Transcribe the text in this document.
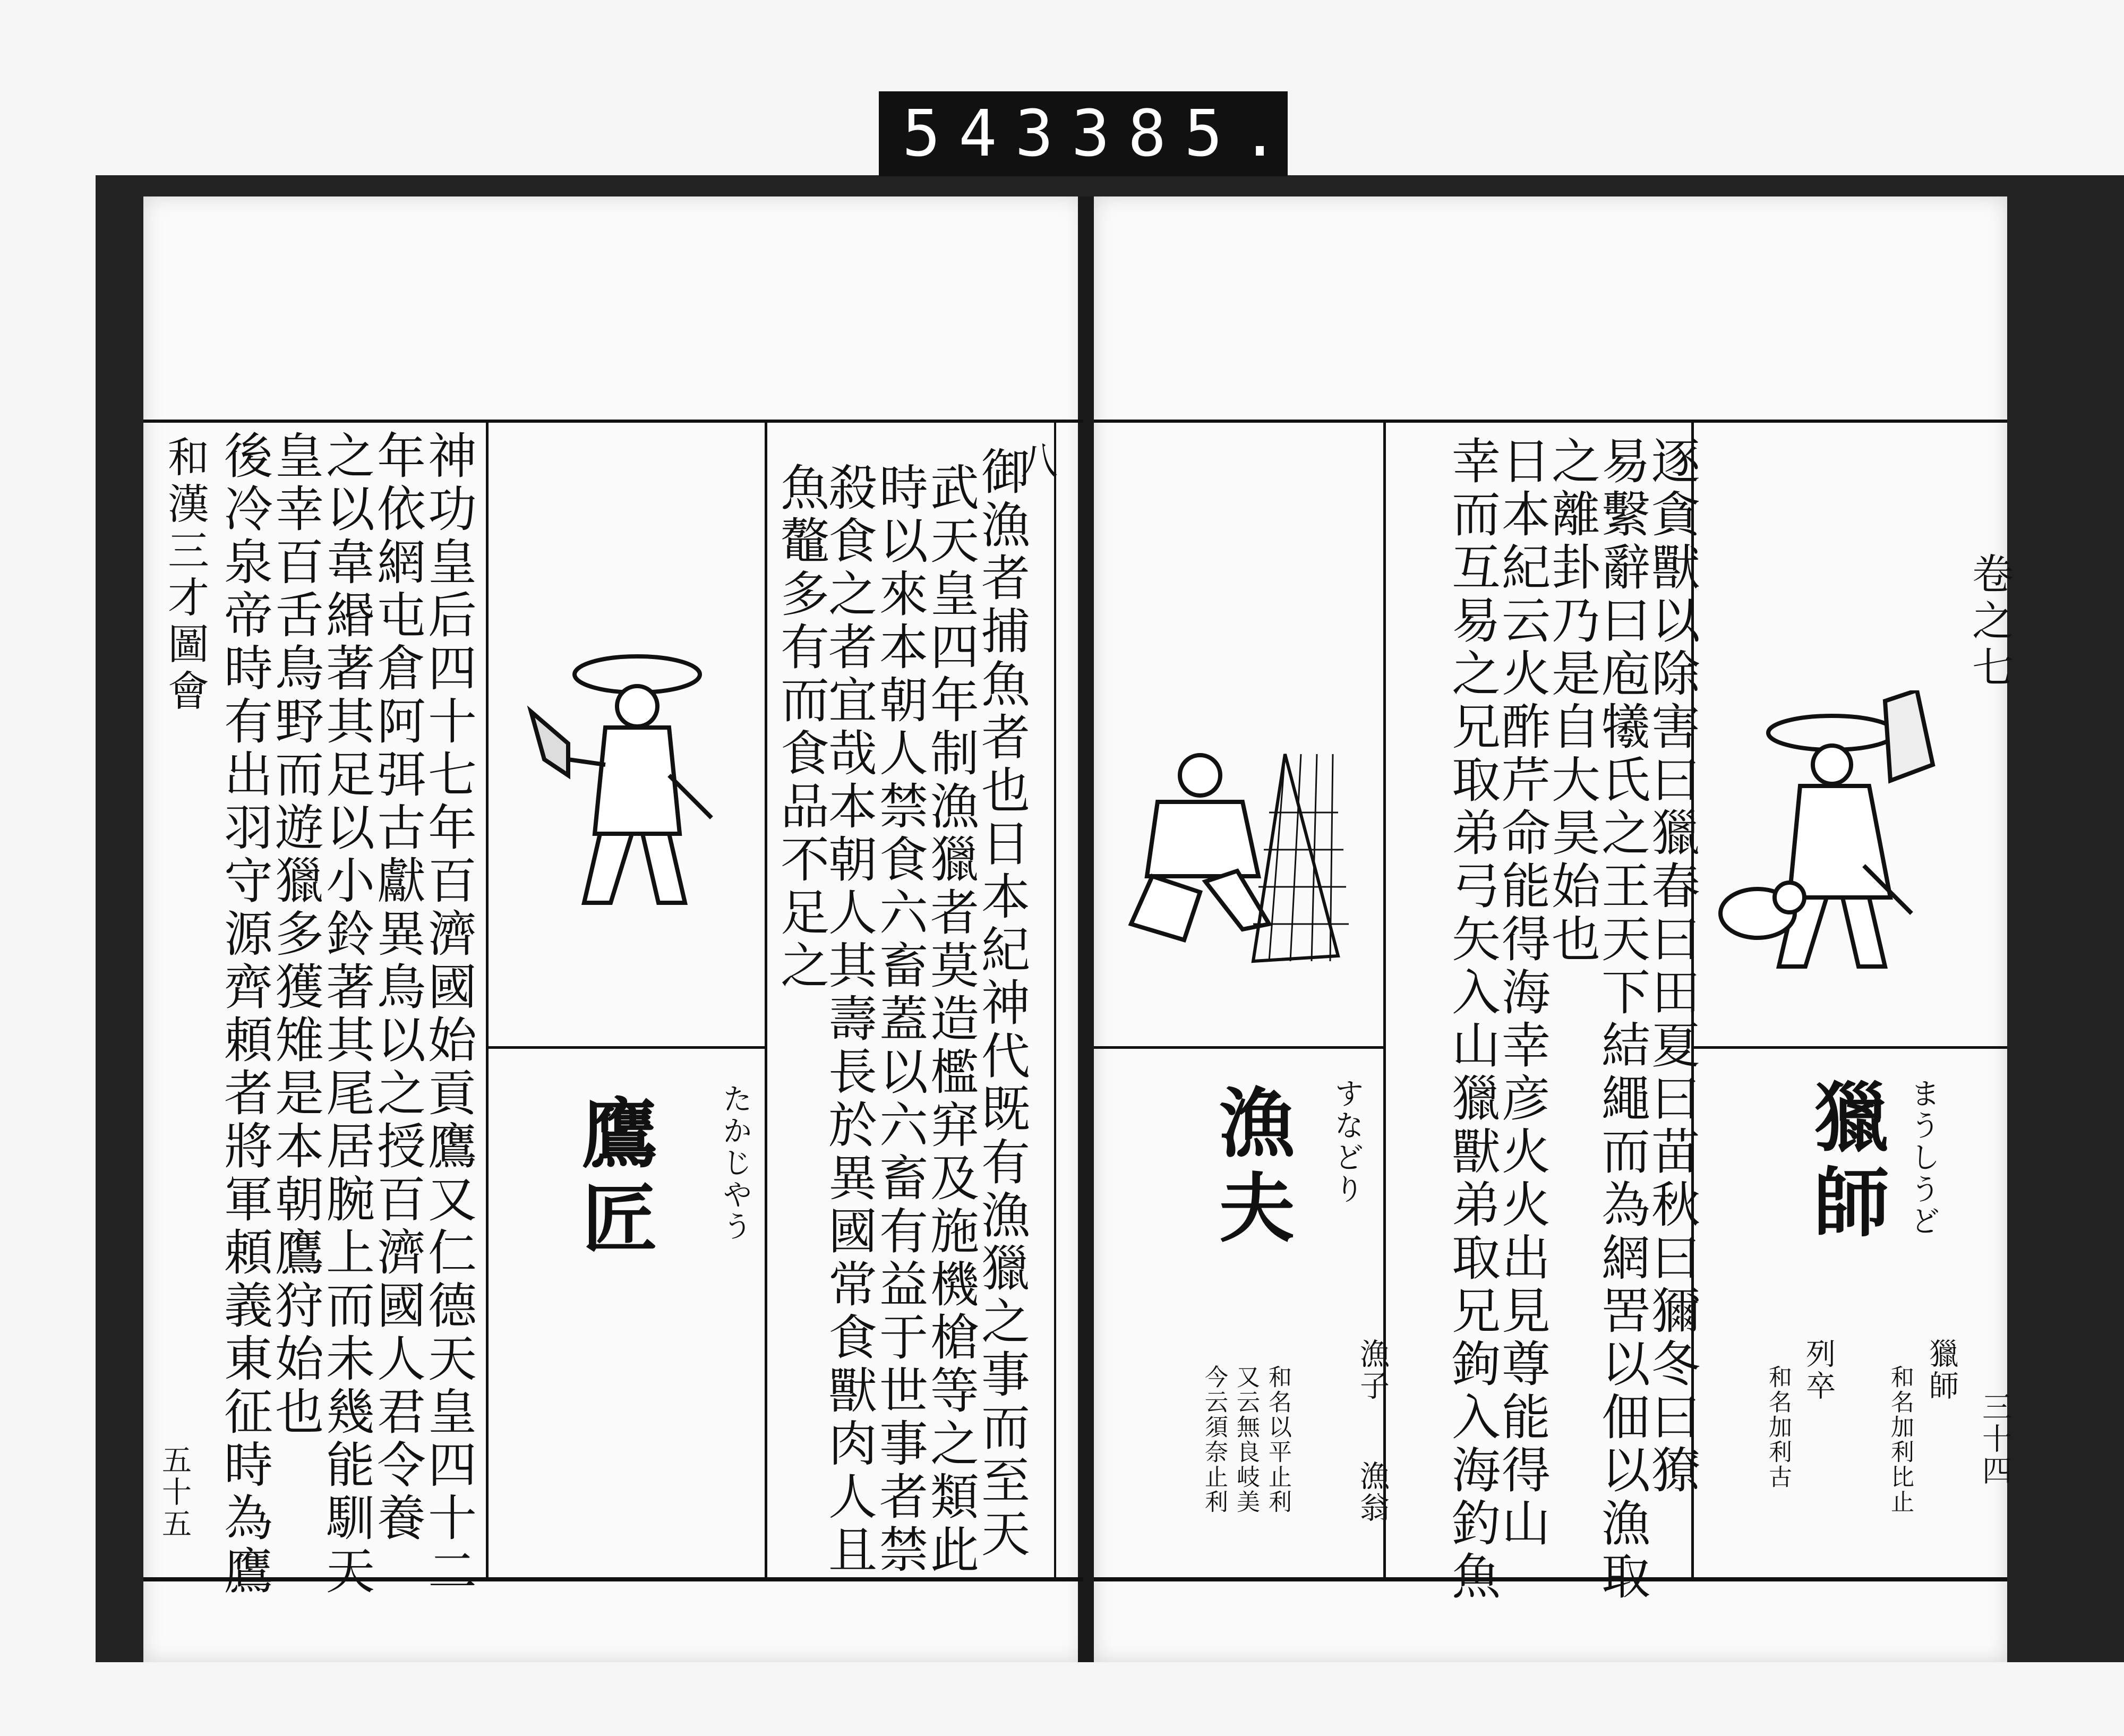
543 385.
八
御漁者捕魚者也日本紀神代既有漁獵之事而至天
武天皇四年制漁獵者莫造檻穽及施機槍等之類此
時以來本朝人禁食六畜蓋以六畜有益于世事者禁
殺食之者宜哉本朝人其壽長於異國常食獸肉人且
魚鼇多有而食品不足之
鷹匠 たかじやう
神功皇后四十七年百濟國始貢鷹又仁德天皇四十二
年依網屯倉阿弭古獻異鳥以之授百濟國人君令養
之以韋緡著其足以小鈴著其尾居腕上而未幾能馴天
皇幸百舌鳥野而遊獵多獲雉是本朝鷹狩始也
後冷泉帝時有出羽守源齊頼者將軍頼義東征時為鷹
和漢三才圖會
五十五	逐貪獸以除害曰獵春曰田夏曰苗秋曰獮冬曰獠
易繫辭曰庖犧氏之王天下結繩而為網罟以佃以漁取
之離卦乃是自大昊始也
日本紀云火酢芹命能得海幸彦火火出見尊能得山
幸而互易之兄取弟弓矢入山獵獸弟取兄鉤入海釣魚
漁夫 すなどり	獵師 まうしうど
漁子
漁翁
和名以平止利
又云無良岐美
今云須奈止利	獵師
和名加利比止
列卒
和名加利古
卷之七
三十四
